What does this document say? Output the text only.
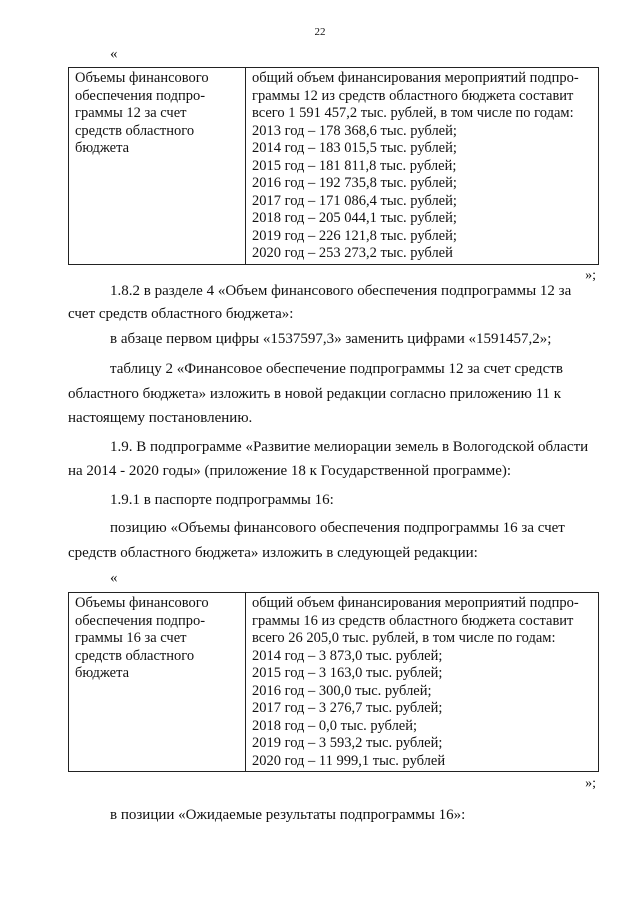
22
«
Объемы финансового
обеспечения подпро-
граммы 12 за счет
средств областного
бюджета
общий объем финансирования мероприятий подпро-
граммы 12 из средств областного бюджета составит
всего 1 591 457,2 тыс. рублей, в том числе по годам:
2013 год – 178 368,6 тыс. рублей;
2014 год – 183 015,5 тыс. рублей;
2015 год – 181 811,8 тыс. рублей;
2016 год – 192 735,8 тыс. рублей;
2017 год – 171 086,4 тыс. рублей;
2018 год – 205 044,1 тыс. рублей;
2019 год – 226 121,8 тыс. рублей;
2020 год – 253 273,2 тыс. рублей
»;
1.8.2 в разделе 4 «Объем финансового обеспечения подпрограммы 12 за
счет средств областного бюджета»:
в абзаце первом цифры «1537597,3» заменить цифрами «1591457,2»;
таблицу 2 «Финансовое обеспечение подпрограммы 12 за счет средств
областного бюджета» изложить в новой редакции согласно приложению 11 к
настоящему постановлению.
1.9. В подпрограмме «Развитие мелиорации земель в Вологодской области
на 2014 - 2020 годы» (приложение 18 к Государственной программе):
1.9.1 в паспорте подпрограммы 16:
позицию «Объемы финансового обеспечения подпрограммы 16 за счет
средств областного бюджета» изложить в следующей редакции:
«
Объемы финансового
обеспечения подпро-
граммы 16 за счет
средств областного
бюджета
общий объем финансирования мероприятий подпро-
граммы 16 из средств областного бюджета составит
всего 26 205,0 тыс. рублей, в том числе по годам:
2014 год – 3 873,0 тыс. рублей;
2015 год – 3 163,0 тыс. рублей;
2016 год – 300,0 тыс. рублей;
2017 год – 3 276,7 тыс. рублей;
2018 год – 0,0 тыс. рублей;
2019 год – 3 593,2 тыс. рублей;
2020 год – 11 999,1 тыс. рублей
»;
в позиции «Ожидаемые результаты подпрограммы 16»:
